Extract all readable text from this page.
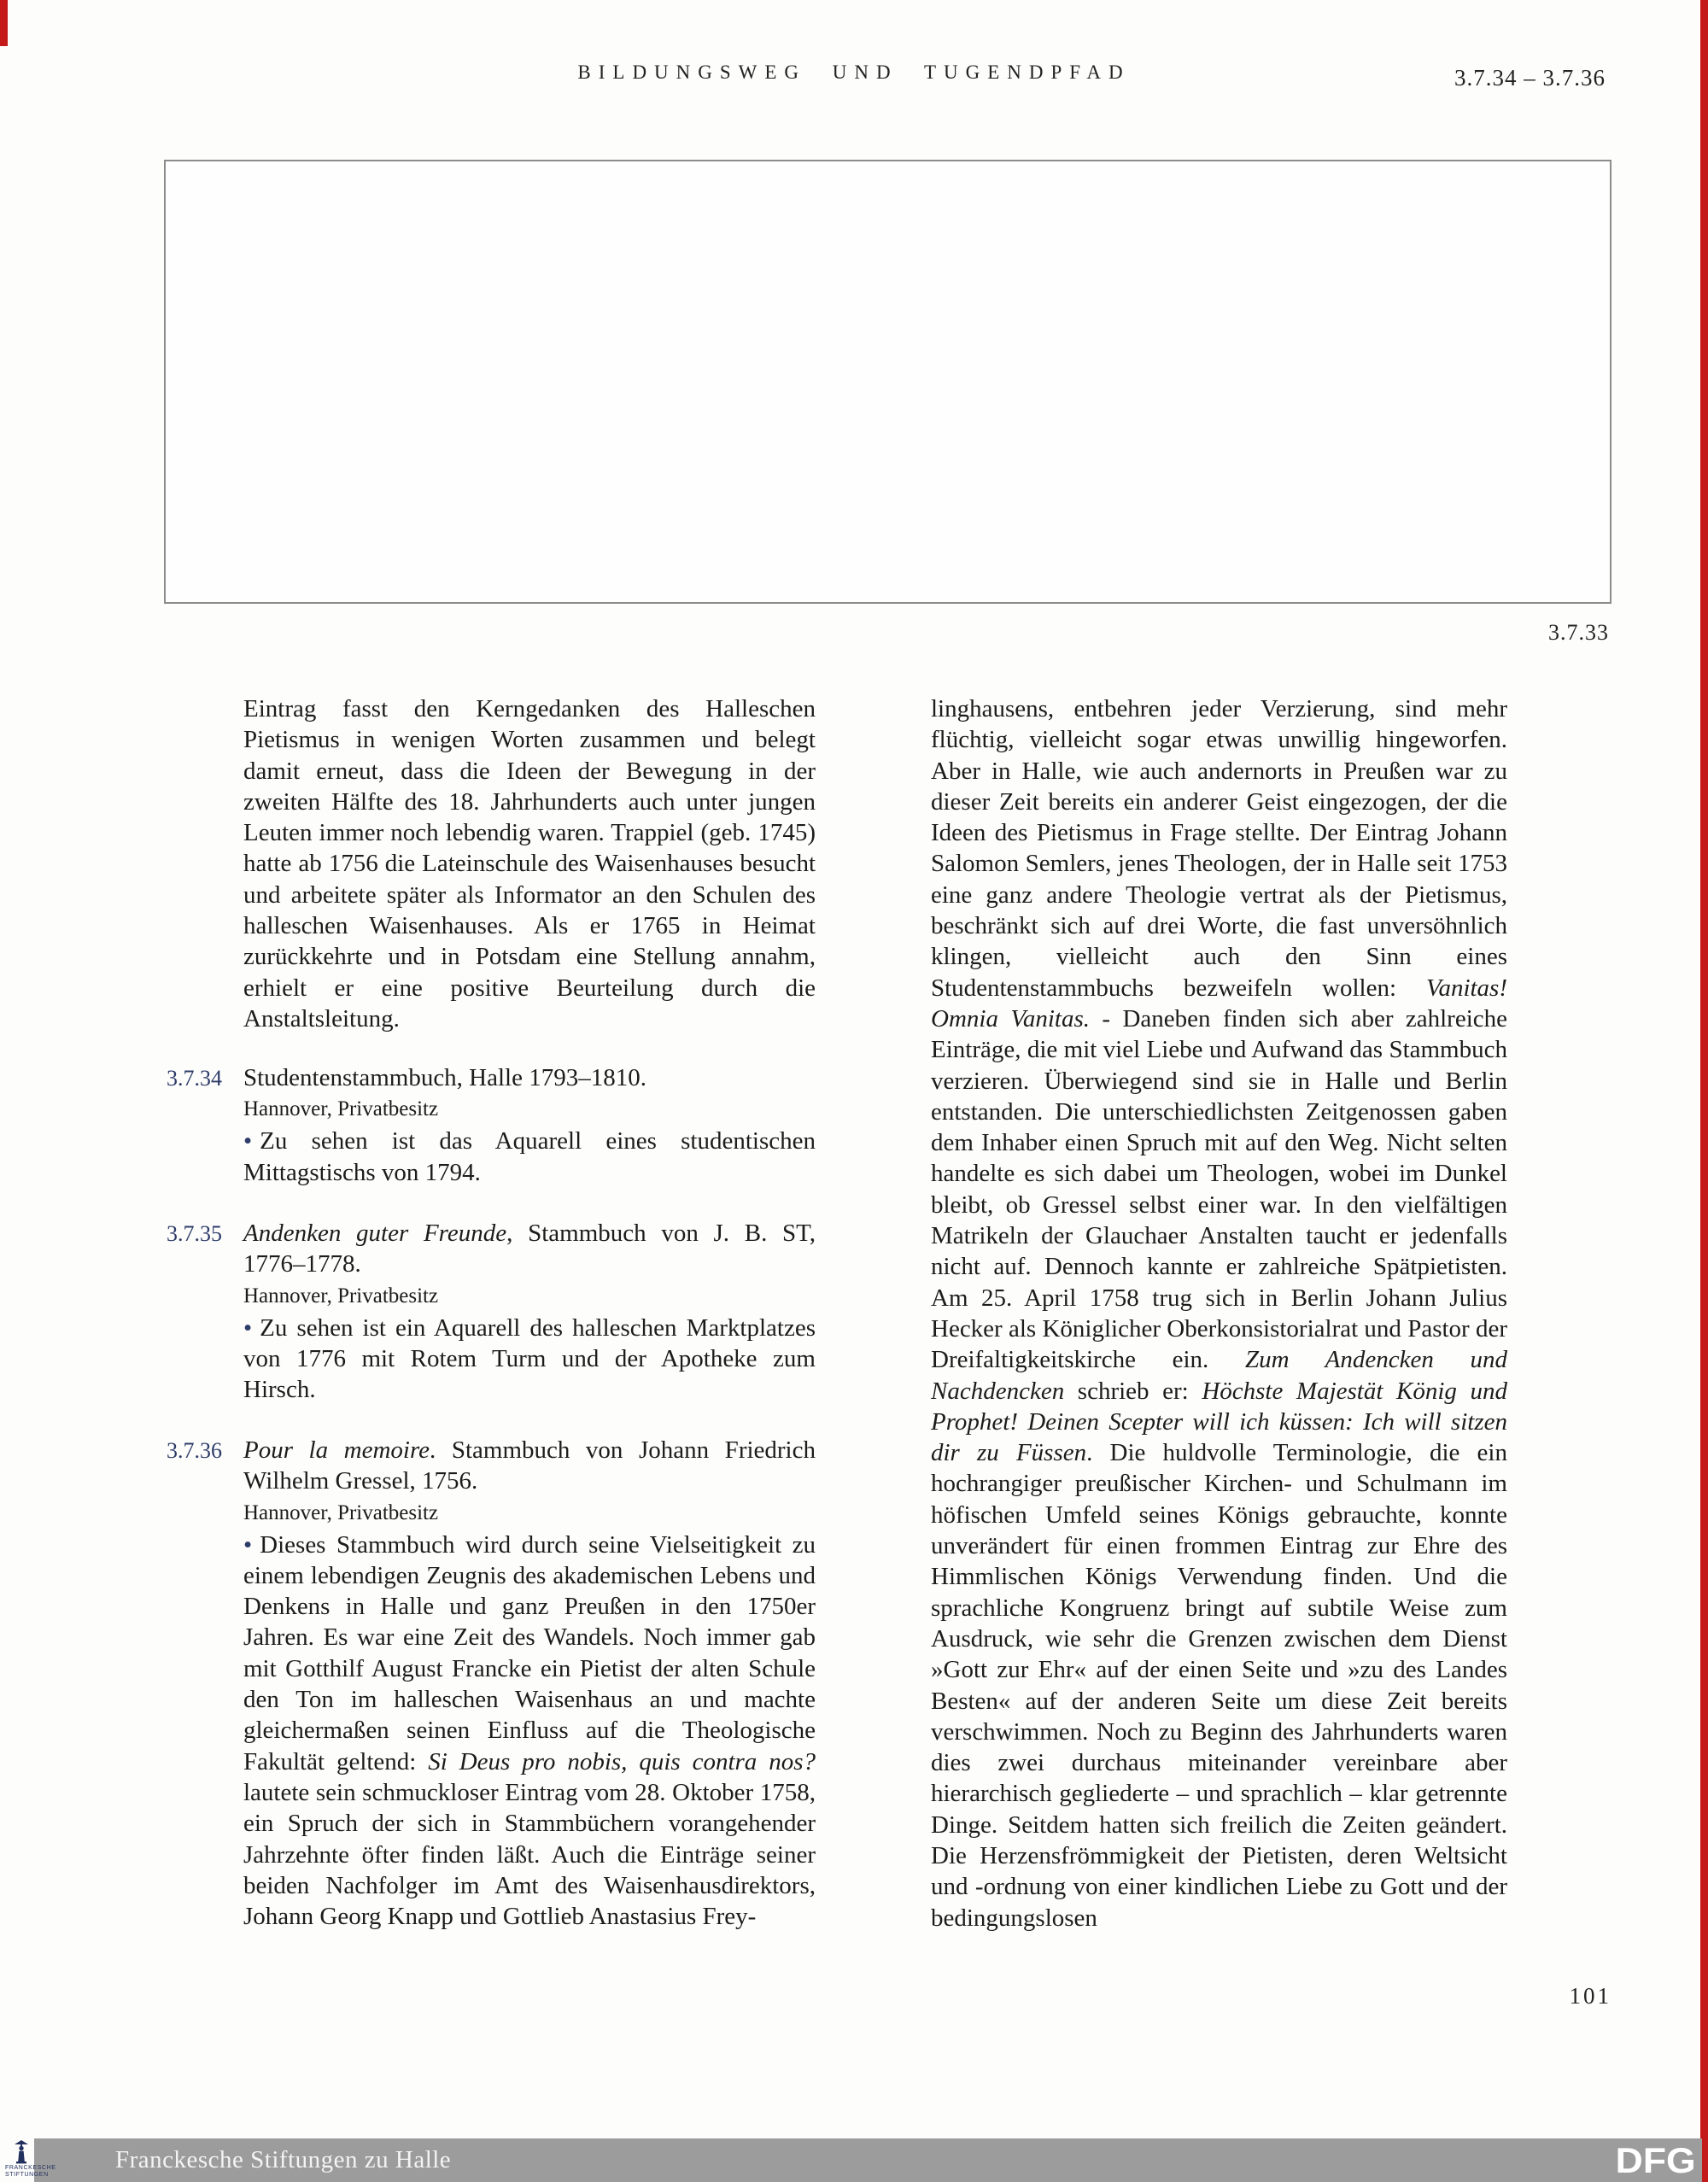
BILDUNGSWEG UND TUGENDPFAD	3.7.34 – 3.7.36
3.7.33

Eintrag fasst den Kerngedanken des Halleschen Pietismus in wenigen Worten zusammen und belegt damit erneut, dass die Ideen der Bewegung in der zweiten Hälfte des 18. Jahrhunderts auch unter jungen Leuten immer noch lebendig waren. Trappiel (geb. 1745) hatte ab 1756 die Lateinschule des Waisenhauses besucht und arbeitete später als Informator an den Schulen des halleschen Waisenhauses. Als er 1765 in Heimat zurückkehrte und in Potsdam eine Stellung annahm, erhielt er eine positive Beurteilung durch die Anstaltsleitung.

3.7.34 Studentenstammbuch, Halle 1793–1810.

Hannover, Privatbesitz

• Zu sehen ist das Aquarell eines studentischen Mittagstischs von 1794.

3.7.35 Andenken guter Freunde, Stammbuch von J. B. ST, 1776–1778.

Hannover, Privatbesitz

• Zu sehen ist ein Aquarell des halleschen Marktplatzes von 1776 mit Rotem Turm und der Apotheke zum Hirsch.

3.7.36 Pour la memoire. Stammbuch von Johann Friedrich Wilhelm Gressel, 1756.

Hannover, Privatbesitz

• Dieses Stammbuch wird durch seine Vielseitigkeit zu einem lebendigen Zeugnis des akademischen Lebens und Denkens in Halle und ganz Preußen in den 1750er Jahren. Es war eine Zeit des Wandels. Noch immer gab mit Gotthilf August Francke ein Pietist der alten Schule den Ton im halleschen Waisenhaus an und machte gleichermaßen seinen Einfluss auf die Theologische Fakultät geltend: Si Deus pro nobis, quis contra nos? lautete sein schmuckloser Eintrag vom 28. Oktober 1758, ein Spruch der sich in Stammbüchern vorangehender Jahrzehnte öfter finden läßt. Auch die Einträge seiner beiden Nachfolger im Amt des Waisenhausdirektors, Johann Georg Knapp und Gottlieb Anastasius Frey-

linghausens, entbehren jeder Verzierung, sind mehr flüchtig, vielleicht sogar etwas unwillig hingeworfen. Aber in Halle, wie auch andernorts in Preußen war zu dieser Zeit bereits ein anderer Geist eingezogen, der die Ideen des Pietismus in Frage stellte. Der Eintrag Johann Salomon Semlers, jenes Theologen, der in Halle seit 1753 eine ganz andere Theologie vertrat als der Pietismus, beschränkt sich auf drei Worte, die fast unversöhnlich klingen, vielleicht auch den Sinn eines Studentenstammbuchs bezweifeln wollen: Vanitas! Omnia Vanitas. - Daneben finden sich aber zahlreiche Einträge, die mit viel Liebe und Aufwand das Stammbuch verzieren. Überwiegend sind sie in Halle und Berlin entstanden. Die unterschiedlichsten Zeitgenossen gaben dem Inhaber einen Spruch mit auf den Weg. Nicht selten handelte es sich dabei um Theologen, wobei im Dunkel bleibt, ob Gressel selbst einer war. In den vielfältigen Matrikeln der Glauchaer Anstalten taucht er jedenfalls nicht auf. Dennoch kannte er zahlreiche Spätpietisten. Am 25. April 1758 trug sich in Berlin Johann Julius Hecker als Königlicher Oberkonsistorialrat und Pastor der Dreifaltigkeitskirche ein. Zum Andencken und Nachdencken schrieb er: Höchste Majestät König und Prophet! Deinen Scepter will ich küssen: Ich will sitzen dir zu Füssen. Die huldvolle Terminologie, die ein hochrangiger preußischer Kirchen- und Schulmann im höfischen Umfeld seines Königs gebrauchte, konnte unverändert für einen frommen Eintrag zur Ehre des Himmlischen Königs Verwendung finden. Und die sprachliche Kongruenz bringt auf subtile Weise zum Ausdruck, wie sehr die Grenzen zwischen dem Dienst »Gott zur Ehr« auf der einen Seite und »zu des Landes Besten« auf der anderen Seite um diese Zeit bereits verschwimmen. Noch zu Beginn des Jahrhunderts waren dies zwei durchaus miteinander vereinbare aber hierarchisch gegliederte – und sprachlich – klar getrennte Dinge. Seitdem hatten sich freilich die Zeiten geändert. Die Herzensfrömmigkeit der Pietisten, deren Weltsicht und -ordnung von einer kindlichen Liebe zu Gott und der bedingungslosen

101
FRANCKESCHE
STIFTUNGEN
Franckesche Stiftungen zu Halle	DFG
